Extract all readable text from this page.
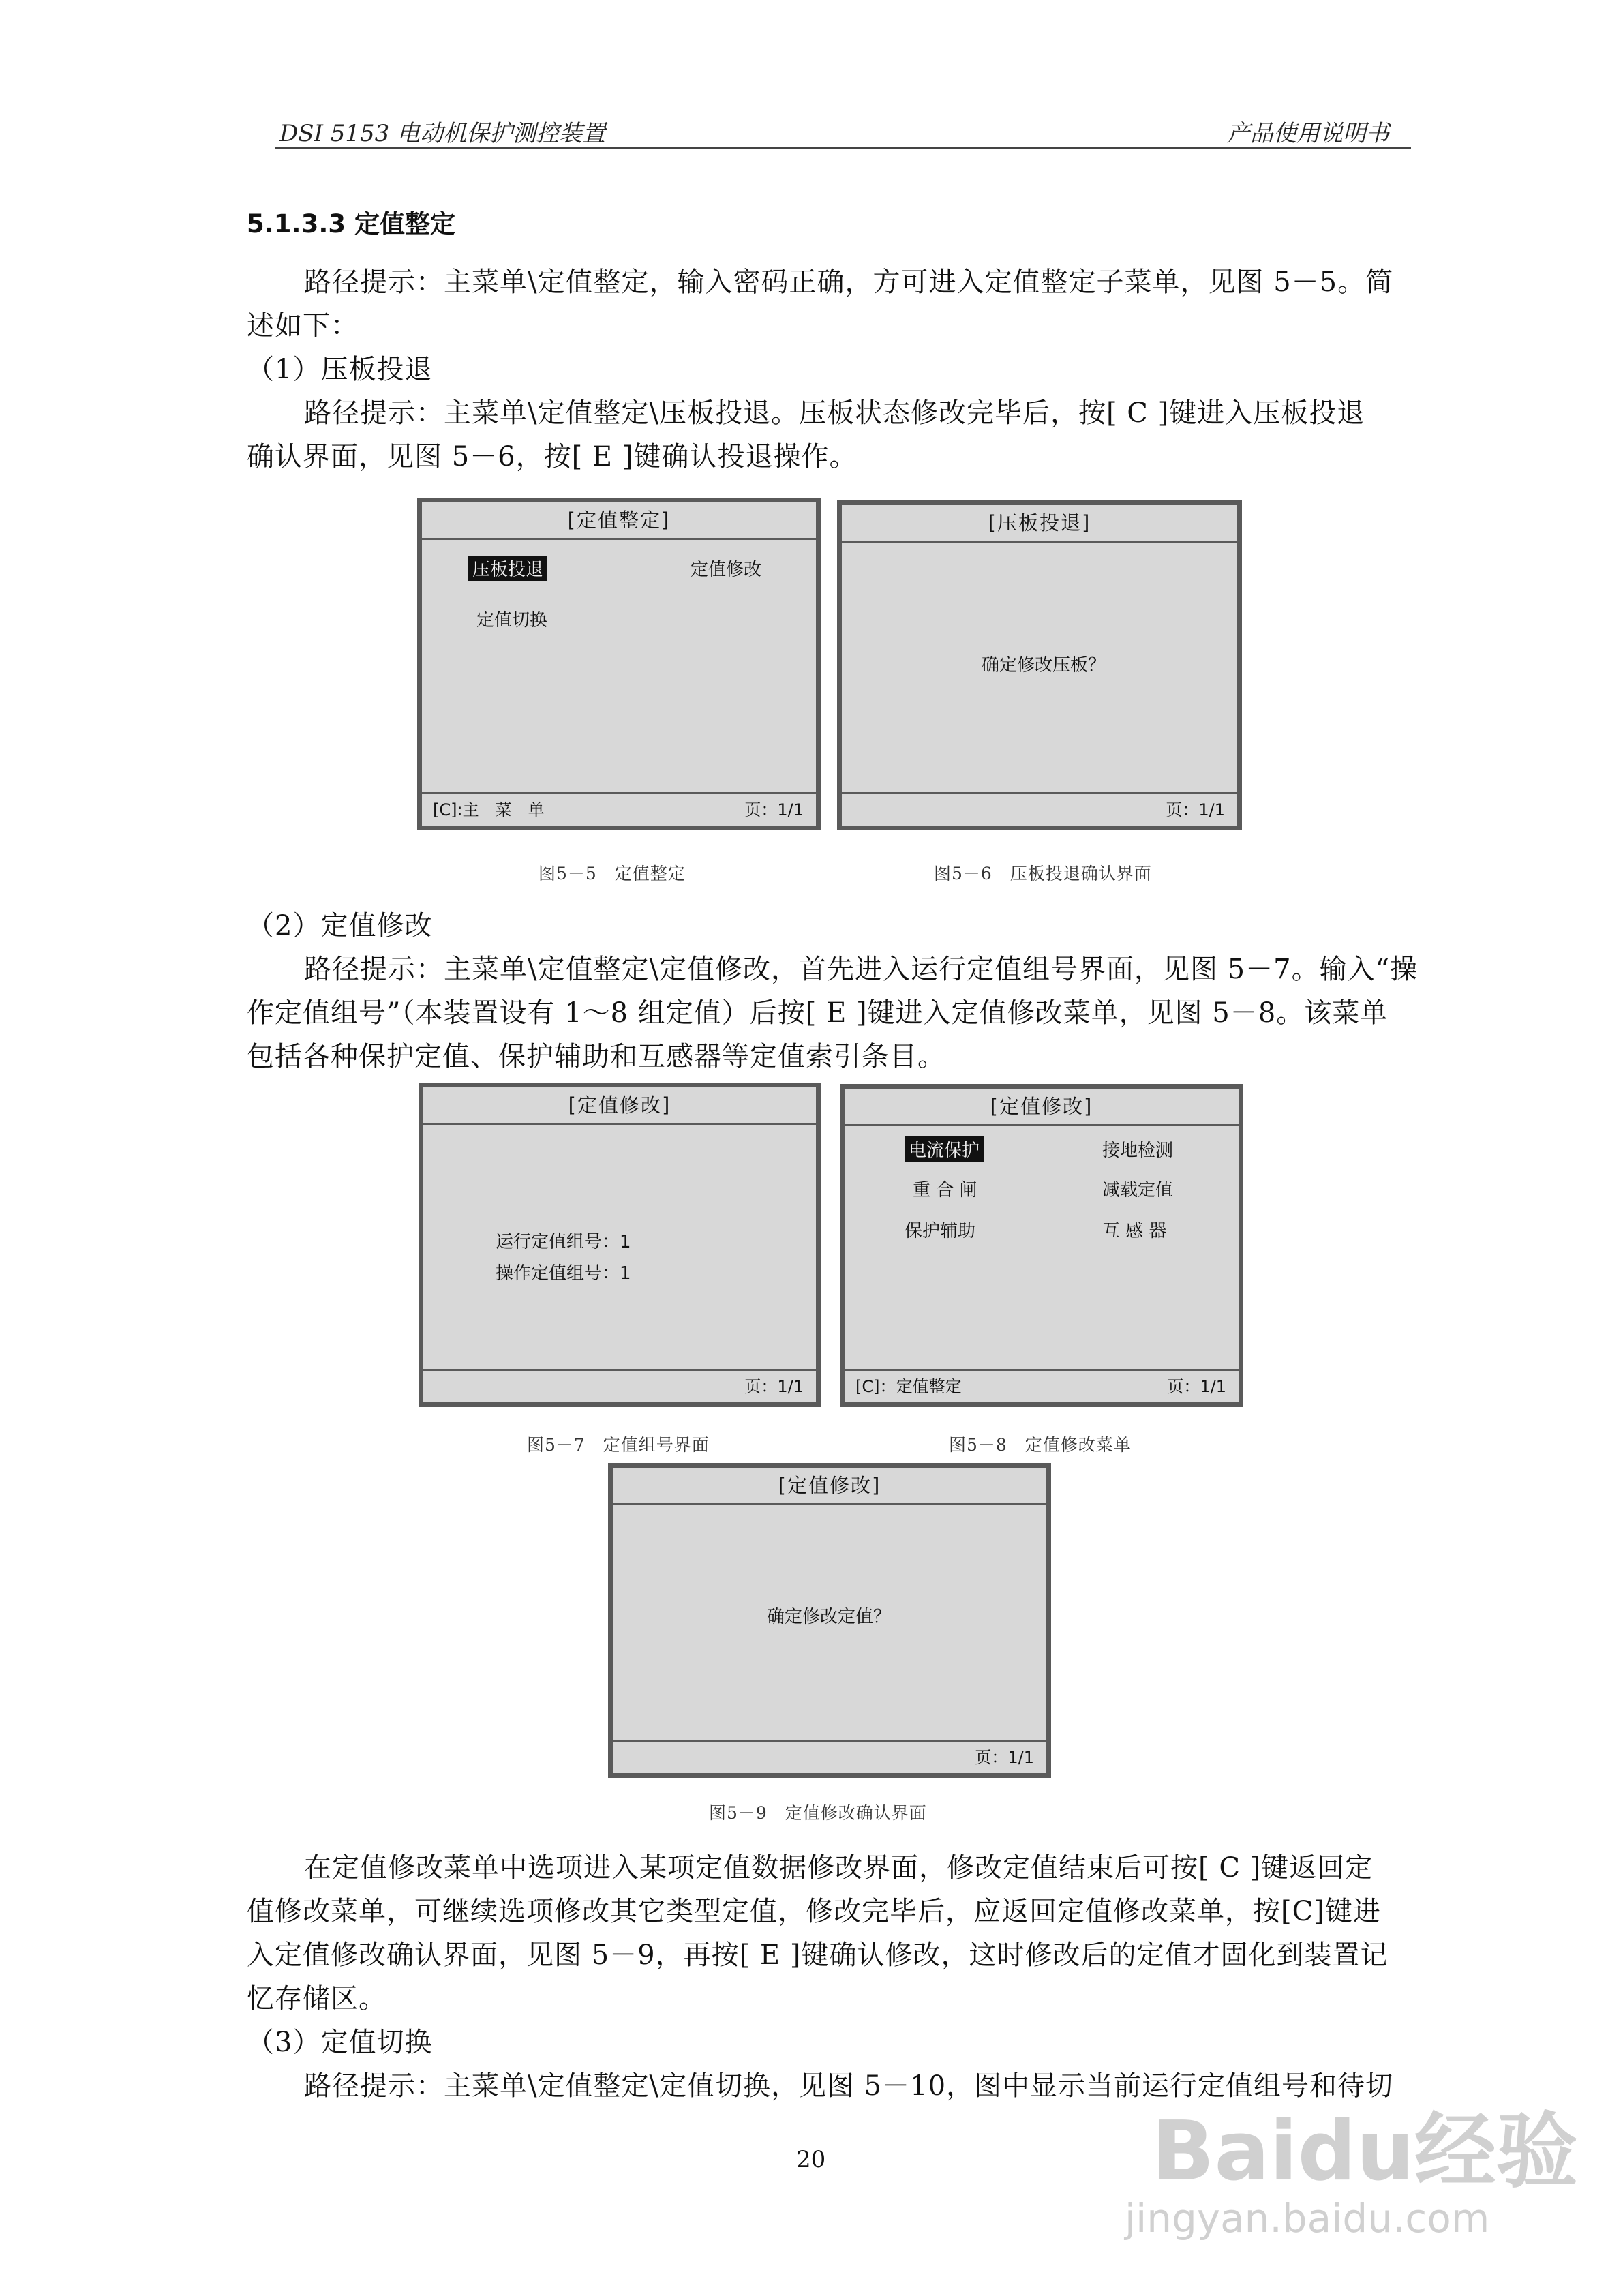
DSI 5153 电动机保护测控装置	产品使用说明书
5.1.3.3 定值整定
路径提示：主菜单\定值整定，输入密码正确，方可进入定值整定子菜单，见图 5－5。简
述如下：
（1）压板投退
路径提示：主菜单\定值整定\压板投退。压板状态修改完毕后，按[ C ]键进入压板投退
确认界面，见图 5－6，按[ E ]键确认投退操作。
[定值整定]
压板投退	定值修改
定值切换
[C]:主　菜　单	页：1/1
图5－5　定值整定
[压板投退]
确定修改压板？
页：1/1
图5－6　压板投退确认界面
（2）定值修改
路径提示：主菜单\定值整定\定值修改，首先进入运行定值组号界面，见图 5－7。输入“操
作定值组号”（本装置设有 1～8 组定值）后按[ E ]键进入定值修改菜单，见图 5－8。该菜单
包括各种保护定值、保护辅助和互感器等定值索引条目。
[定值修改]
运行定值组号：1
操作定值组号：1
页：1/1
图5－7　定值组号界面
[定值修改]
电流保护	接地检测
重 合 闸	减载定值
保护辅助	互 感 器
[C]：定值整定	页：1/1
图5－8　定值修改菜单
[定值修改]
确定修改定值？
页：1/1
图5－9　定值修改确认界面
在定值修改菜单中选项进入某项定值数据修改界面，修改定值结束后可按[ C ]键返回定
值修改菜单，可继续选项修改其它类型定值，修改完毕后，应返回定值修改菜单，按[C]键进
入定值修改确认界面，见图 5－9，再按[ E ]键确认修改，这时修改后的定值才固化到装置记
忆存储区。
（3）定值切换
路径提示：主菜单\定值整定\定值切换，见图 5－10，图中显示当前运行定值组号和待切
20	Baidu经验
jingyan.baidu.com
